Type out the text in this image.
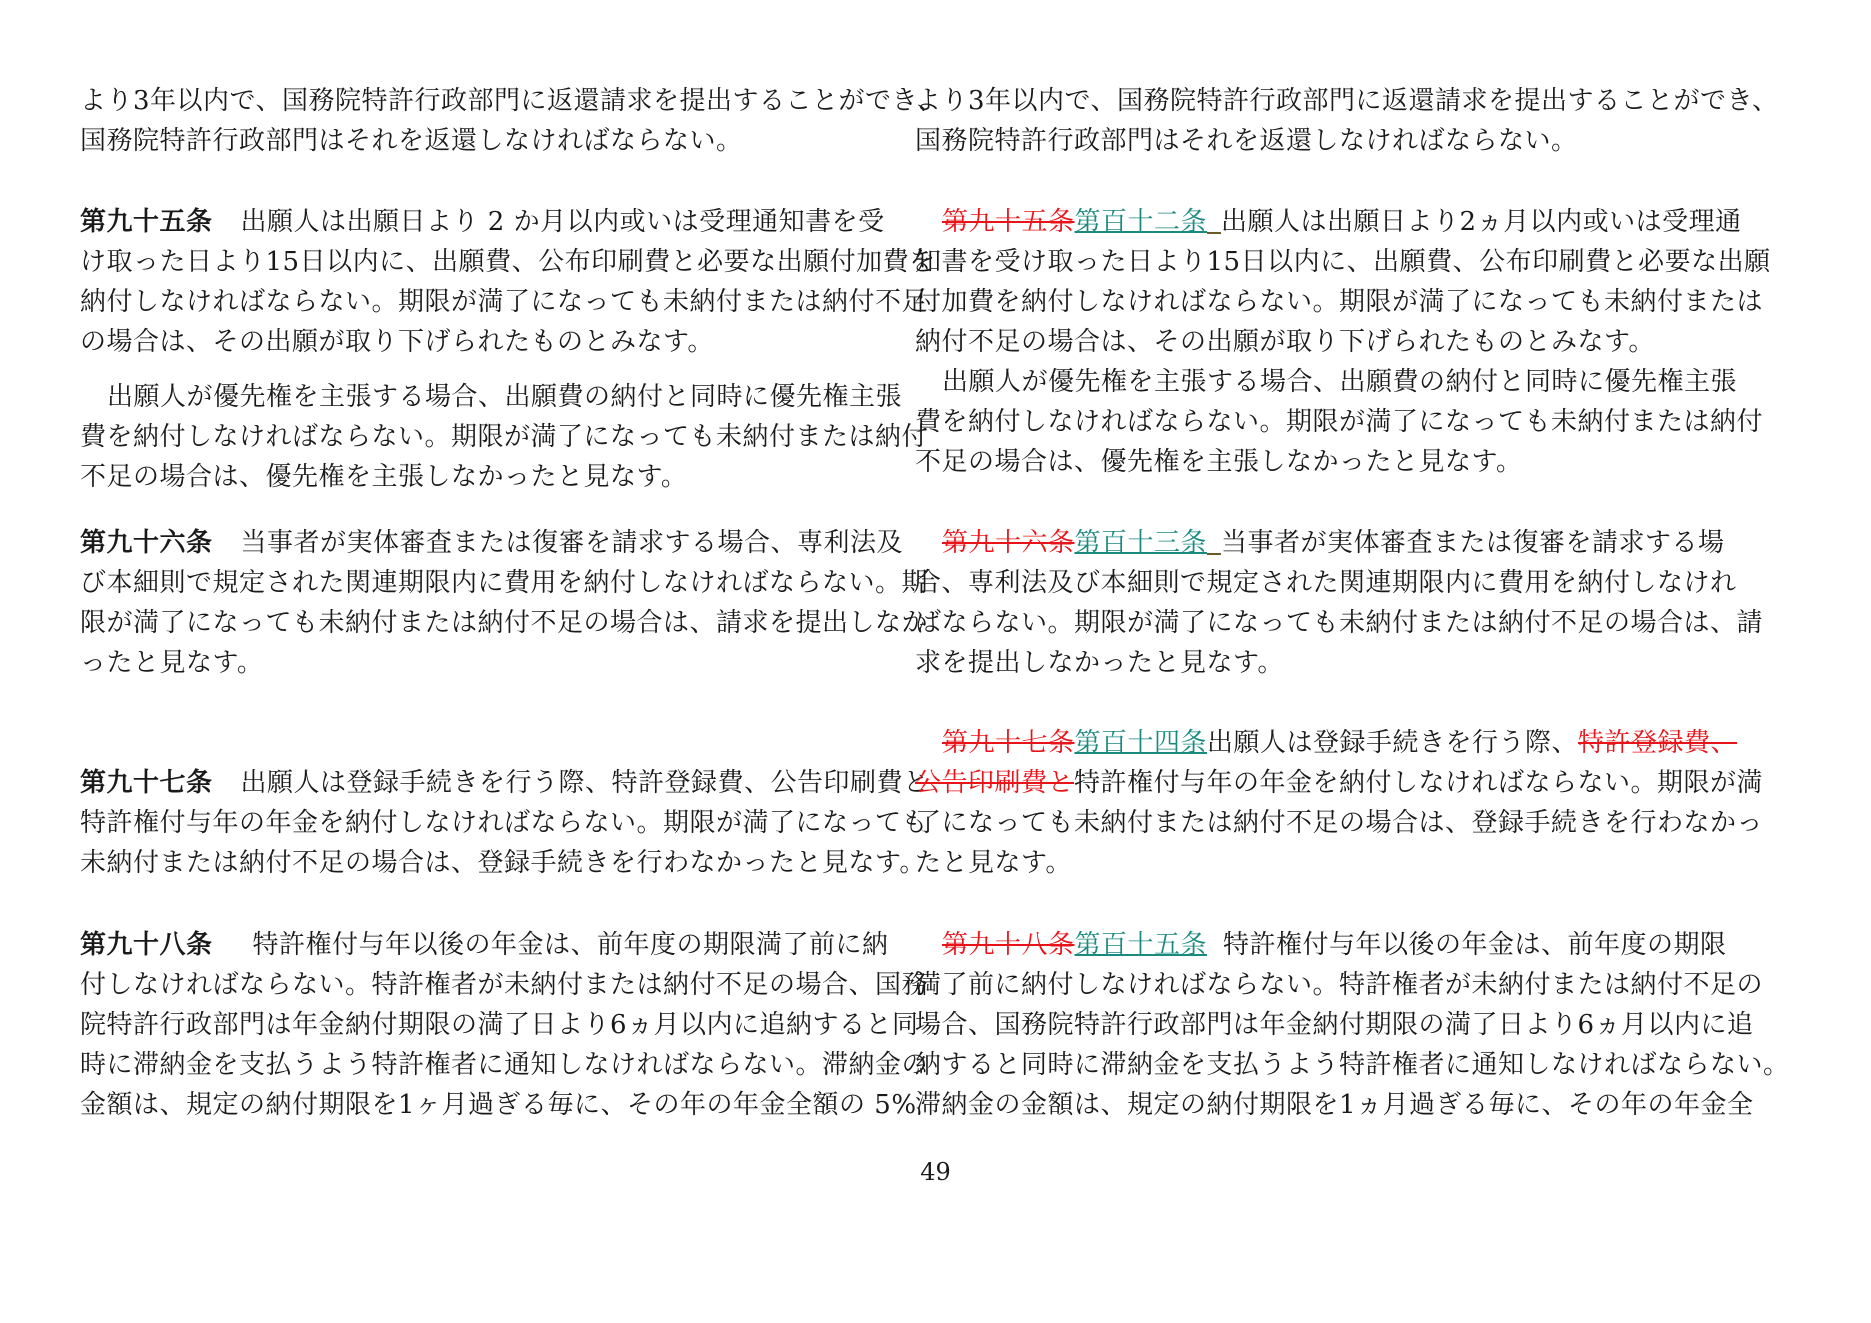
より3年以内で、国務院特許行政部門に返還請求を提出することができ、
国務院特許行政部門はそれを返還しなければならない。
第九十五条 出願人は出願日より 2 か月以内或いは受理通知書を受
け取った日より15日以内に、出願費、公布印刷費と必要な出願付加費を
納付しなければならない。期限が満了になっても未納付または納付不足
の場合は、その出願が取り下げられたものとみなす。
出願人が優先権を主張する場合、出願費の納付と同時に優先権主張
費を納付しなければならない。期限が満了になっても未納付または納付
不足の場合は、優先権を主張しなかったと見なす。
第九十六条 当事者が実体審査または復審を請求する場合、専利法及
び本細則で規定された関連期限内に費用を納付しなければならない。期
限が満了になっても未納付または納付不足の場合は、請求を提出しなか
ったと見なす。
第九十七条 出願人は登録手続きを行う際、特許登録費、公告印刷費と
特許権付与年の年金を納付しなければならない。期限が満了になっても
未納付または納付不足の場合は、登録手続きを行わなかったと見なす。
第九十八条 特許権付与年以後の年金は、前年度の期限満了前に納
付しなければならない。特許権者が未納付または納付不足の場合、国務
院特許行政部門は年金納付期限の満了日より6ヵ月以内に追納すると同
時に滞納金を支払うよう特許権者に通知しなければならない。滞納金の
金額は、規定の納付期限を1ヶ月過ぎる毎に、その年の年金全額の 5%
より3年以内で、国務院特許行政部門に返還請求を提出することができ、
国務院特許行政部門はそれを返還しなければならない。
第九十五条第百十二条 出願人は出願日より2ヵ月以内或いは受理通
知書を受け取った日より15日以内に、出願費、公布印刷費と必要な出願
付加費を納付しなければならない。期限が満了になっても未納付または
納付不足の場合は、その出願が取り下げられたものとみなす。
出願人が優先権を主張する場合、出願費の納付と同時に優先権主張
費を納付しなければならない。期限が満了になっても未納付または納付
不足の場合は、優先権を主張しなかったと見なす。
第九十六条第百十三条 当事者が実体審査または復審を請求する場
合、専利法及び本細則で規定された関連期限内に費用を納付しなけれ
ばならない。期限が満了になっても未納付または納付不足の場合は、請
求を提出しなかったと見なす。
第九十七条第百十四条出願人は登録手続きを行う際、特許登録費、
公告印刷費と特許権付与年の年金を納付しなければならない。期限が満
了になっても未納付または納付不足の場合は、登録手続きを行わなかっ
たと見なす。
第九十八条第百十五条 特許権付与年以後の年金は、前年度の期限
満了前に納付しなければならない。特許権者が未納付または納付不足の
場合、国務院特許行政部門は年金納付期限の満了日より6ヵ月以内に追
納すると同時に滞納金を支払うよう特許権者に通知しなければならない。
滞納金の金額は、規定の納付期限を1ヵ月過ぎる毎に、その年の年金全
49
